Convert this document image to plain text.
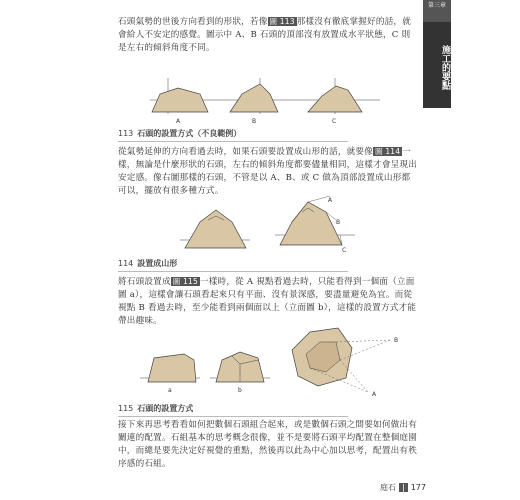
第三章

施工的要點

石頭氣勢的世後方向看到的形狀，若像 圖 113 那樣沒有徹底掌握好的話，就會給人不安定的感覺。圖示中 A、B 石頭的頂部沒有放置成水平狀態，C 則是左右的傾斜角度不同。

A	B	C

113 石頭的設置方式（不良範例）

從氣勢延伸的方向看過去時，如果石頭要設置成山形的話，就要像 圖 114 一樣，無論是什麼形狀的石頭，左右的傾斜角度都要儘量相同，這樣才會呈現出安定感。像右圖那樣的石頭，不管是以 A、B、或 C 做為頂部設置成山形都可以，擺放有很多種方式。

A
B
C

114 設置成山形

將石頭設置成 圖 115 一樣時，從 A 視點看過去時，只能看得到一個面（立面圖 a），這樣會讓石頭看起來只有平面、沒有景深感，要盡量避免為宜。而從視點 B 看過去時，至少能看到兩個面以上（立面圖 b），這樣的設置方式才能帶出趣味。

a	b
B
A

115 石頭的設置方式

接下來再思考看看如何把數個石頭組合起來，或是數個石頭之間要如何做出有關連的配置。石組基本的思考概念很像，並不是要將石頭平均配置在整個庭園中，而總是要先決定好視覺的重點，然後再以此為中心加以思考，配置出有秩序感的石組。

庭石 | 177
